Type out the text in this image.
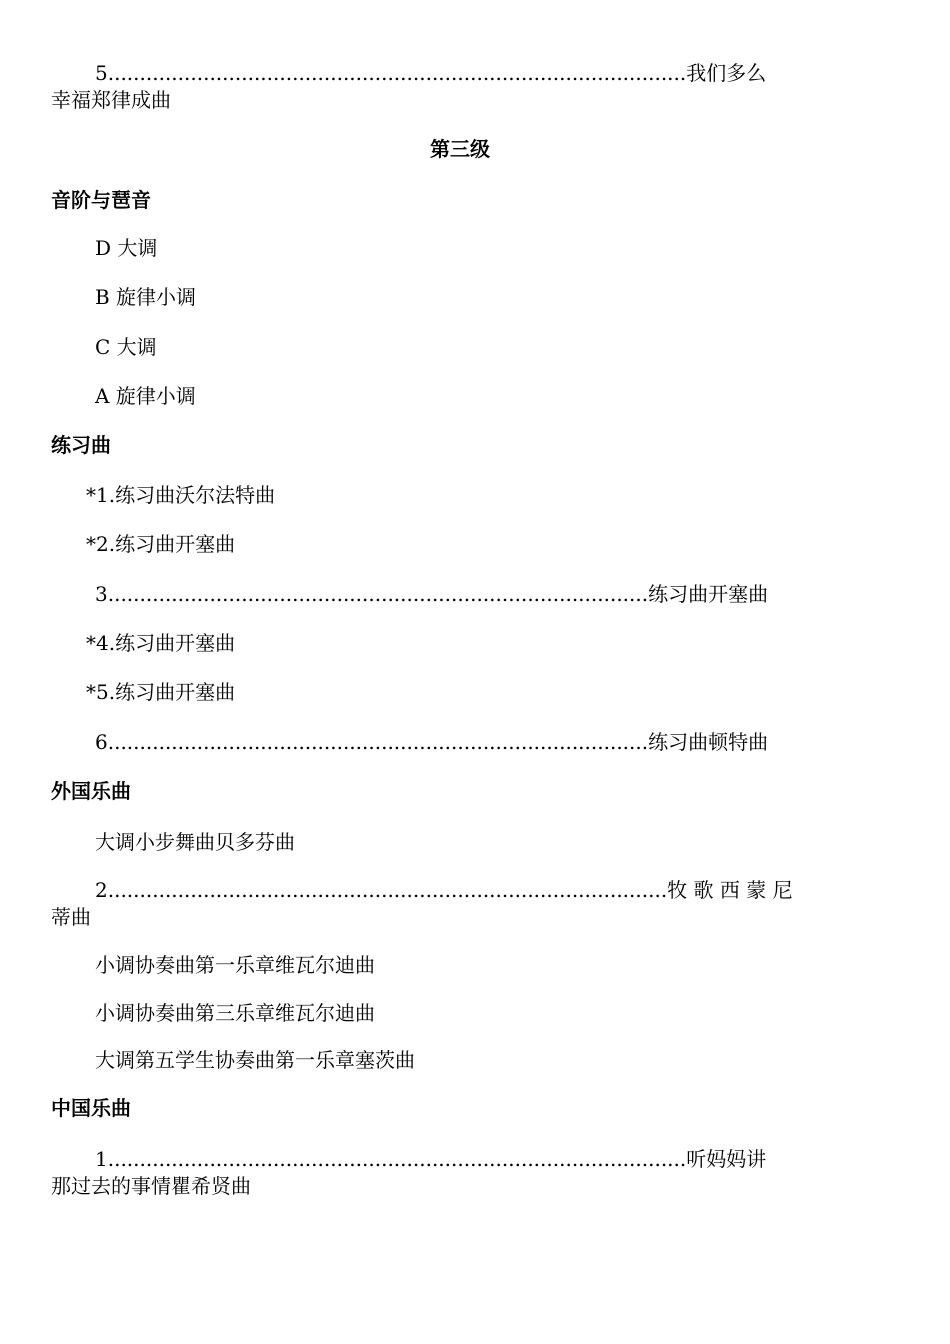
5...........................................................................................我们多么
幸福郑律成曲
第三级
音阶与琶音
D 大调
B 旋律小调
C 大调
A 旋律小调
练习曲
*1.练习曲沃尔法特曲
*2.练习曲开塞曲
3.....................................................................................练习曲开塞曲
*4.练习曲开塞曲
*5.练习曲开塞曲
6.....................................................................................练习曲顿特曲
外国乐曲
大调小步舞曲贝多芬曲
2........................................................................................牧 歌 西 蒙 尼
蒂曲
小调协奏曲第一乐章维瓦尔迪曲
小调协奏曲第三乐章维瓦尔迪曲
大调第五学生协奏曲第一乐章塞茨曲
中国乐曲
1...........................................................................................听妈妈讲
那过去的事情瞿希贤曲
